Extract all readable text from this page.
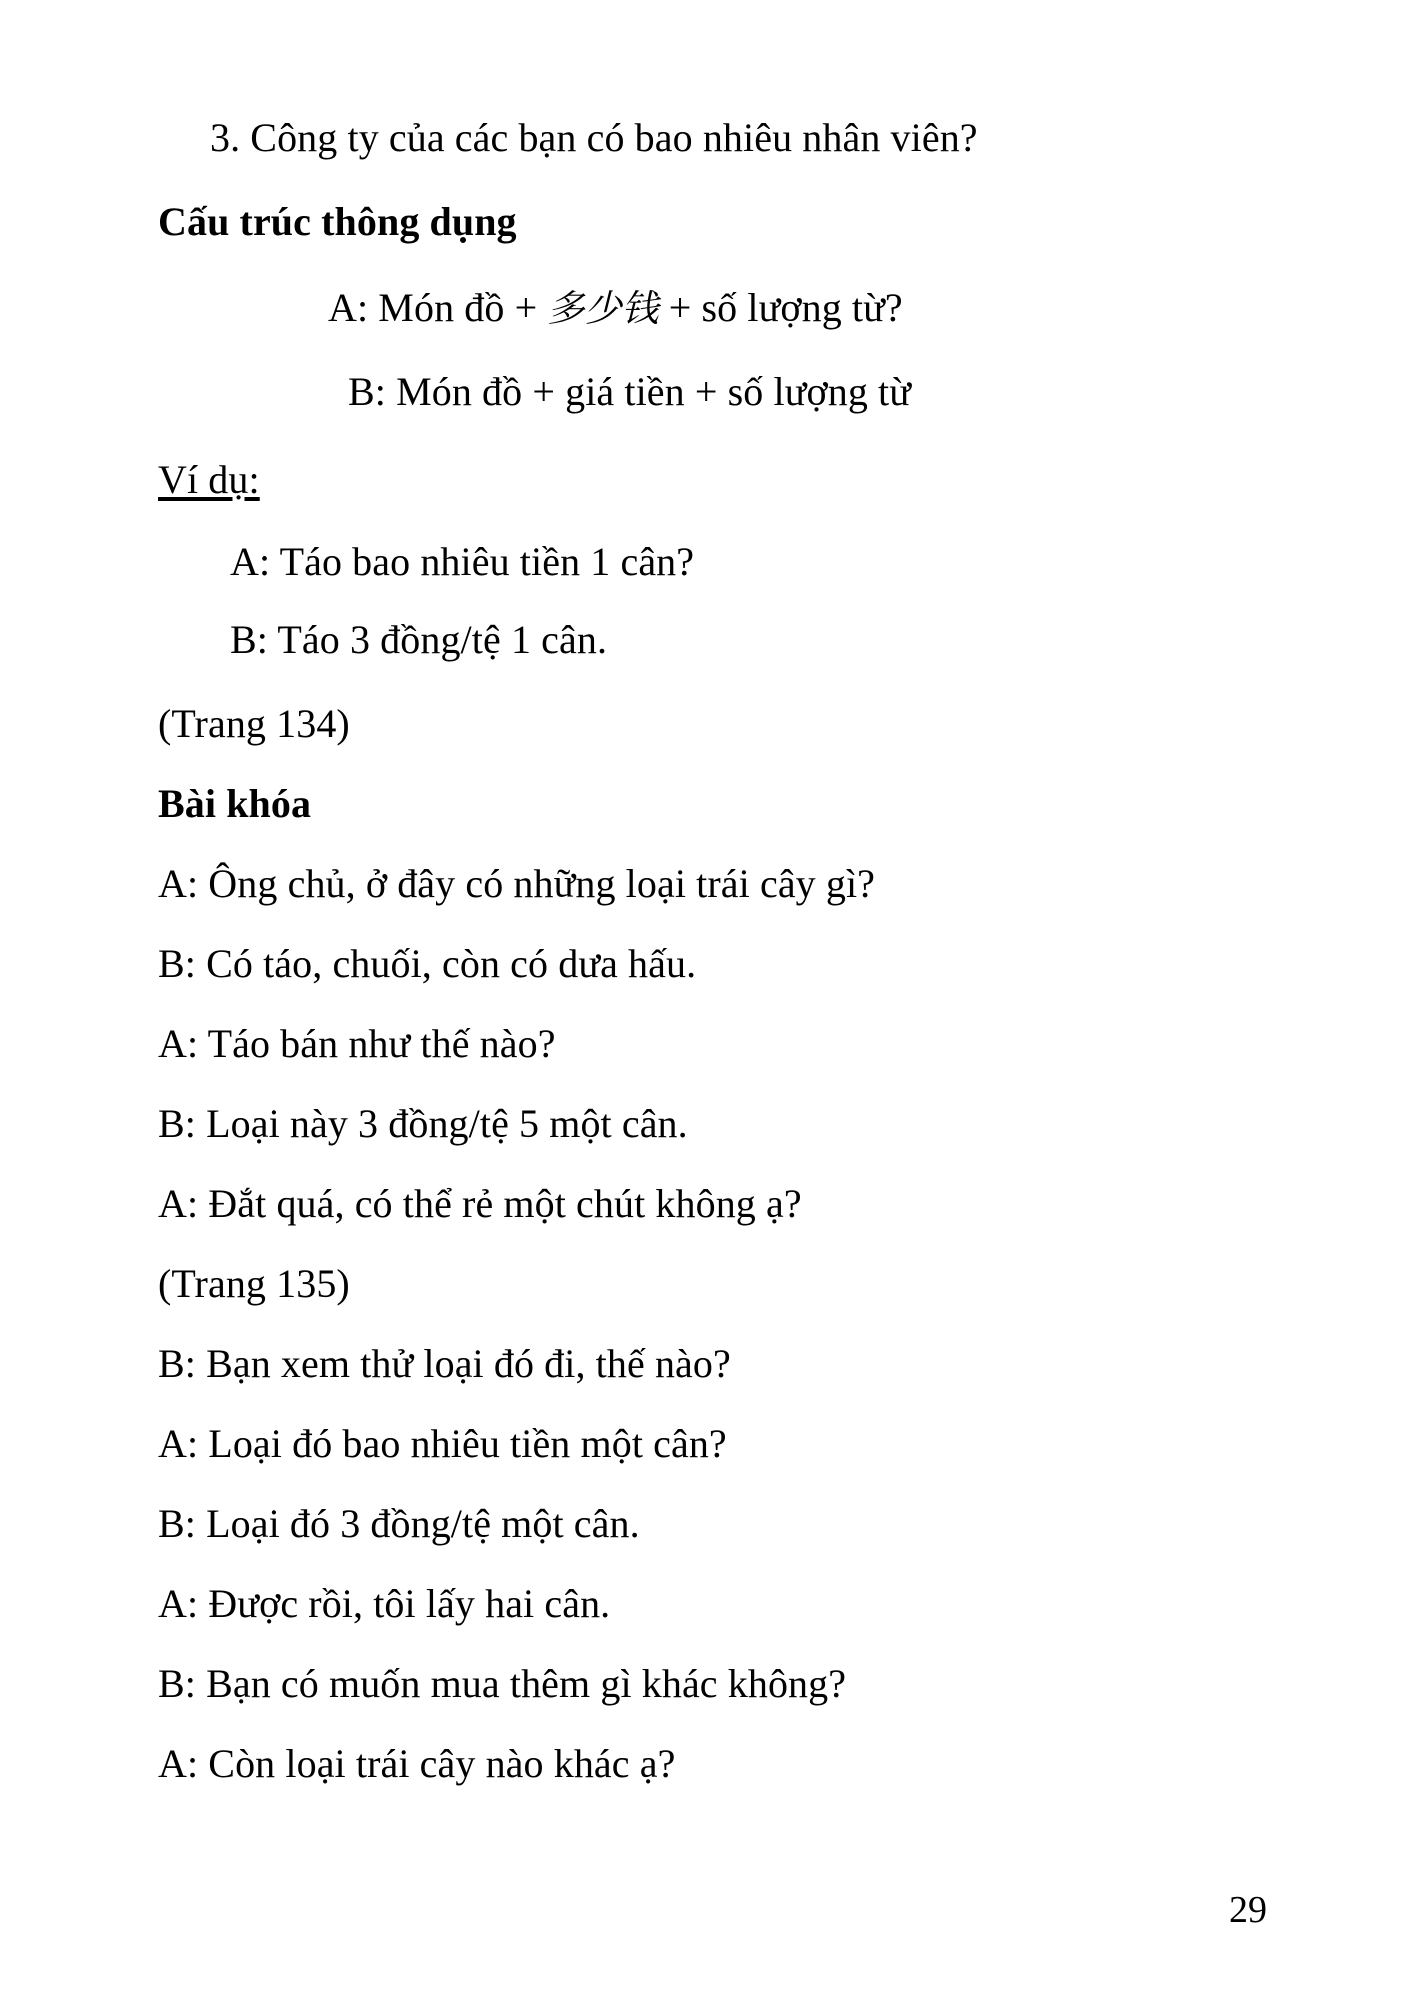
3. Công ty của các bạn có bao nhiêu nhân viên?
Cấu trúc thông dụng
A: Món đồ + 多少钱 + số lượng từ?
B: Món đồ + giá tiền + số lượng từ
Ví dụ:
A: Táo bao nhiêu tiền 1 cân?
B: Táo 3 đồng/tệ 1 cân.
(Trang 134)
Bài khóa
A: Ông chủ, ở đây có những loại trái cây gì?
B: Có táo, chuối, còn có dưa hấu.
A: Táo bán như thế nào?
B: Loại này 3 đồng/tệ 5 một cân.
A: Đắt quá, có thể rẻ một chút không ạ?
(Trang 135)
B: Bạn xem thử loại đó đi, thế nào?
A: Loại đó bao nhiêu tiền một cân?
B: Loại đó 3 đồng/tệ một cân.
A: Được rồi, tôi lấy hai cân.
B: Bạn có muốn mua thêm gì khác không?
A: Còn loại trái cây nào khác ạ?
29
